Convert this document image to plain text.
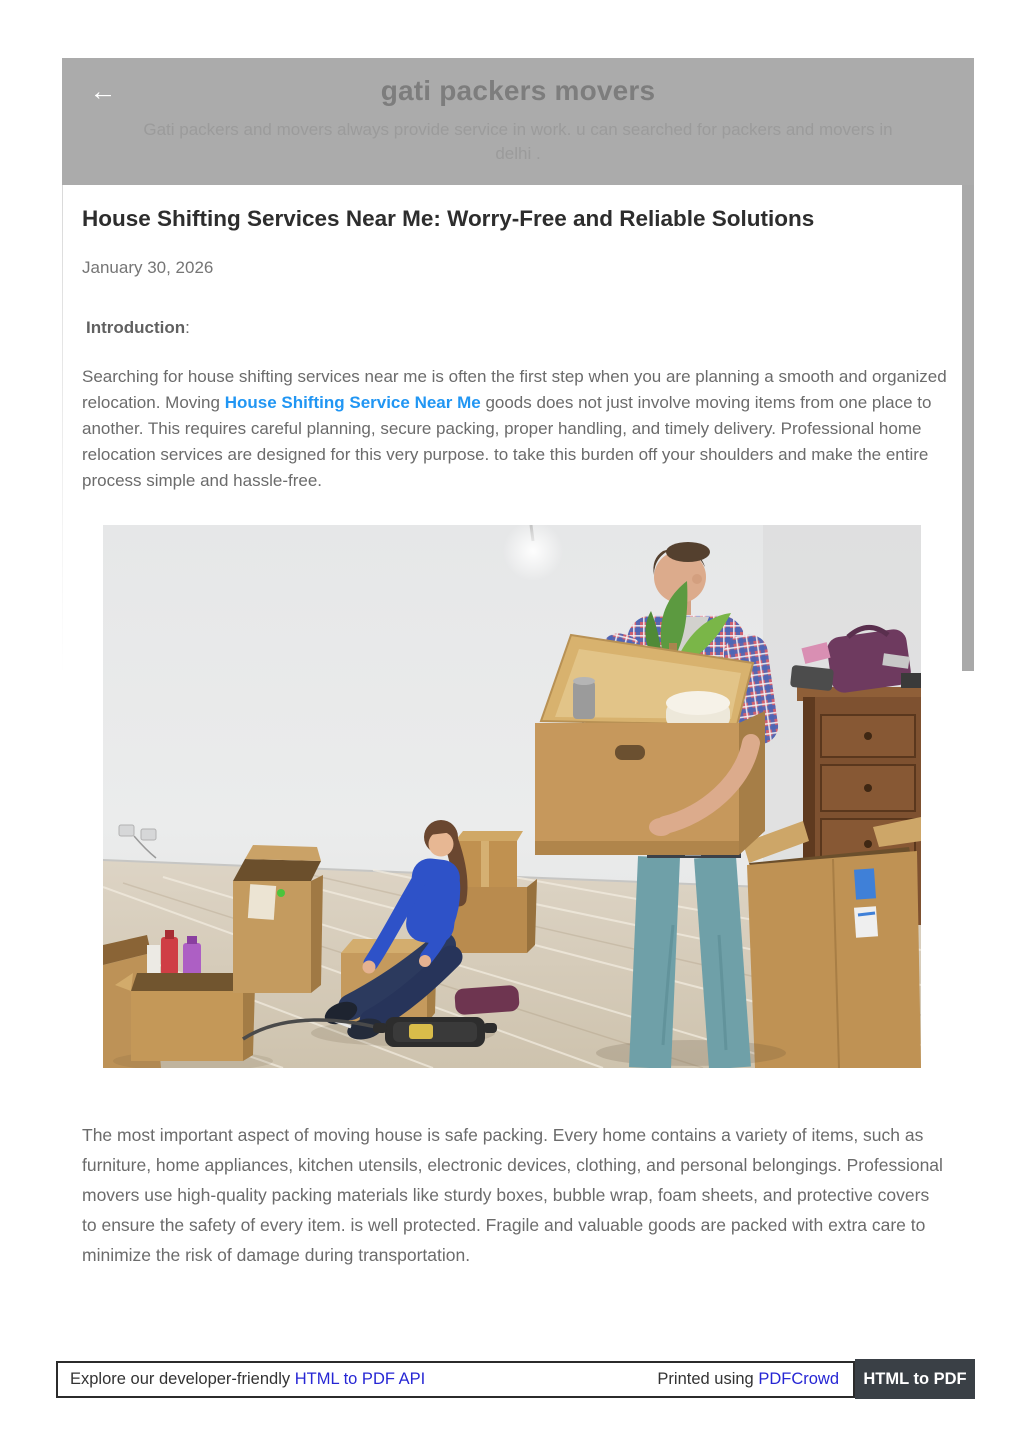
←	gati packers movers
Gati packers and movers always provide service in work. u can searched for packers and movers in delhi .
House Shifting Services Near Me: Worry-Free and Reliable Solutions
January 30, 2026
Introduction:

Searching for house shifting services near me is often the first step when you are planning a smooth and organized relocation. Moving House Shifting Service Near Me goods does not just involve moving items from one place to another. This requires careful planning, secure packing, proper handling, and timely delivery. Professional home relocation services are designed for this very purpose. to take this burden off your shoulders and make the entire process simple and hassle-free.

The most important aspect of moving house is safe packing. Every home contains a variety of items, such as furniture, home appliances, kitchen utensils, electronic devices, clothing, and personal belongings. Professional movers use high-quality packing materials like sturdy boxes, bubble wrap, foam sheets, and protective covers to ensure the safety of every item. is well protected. Fragile and valuable goods are packed with extra care to minimize the risk of damage during transportation.

Explore our developer-friendly HTML to PDF API	Printed using PDFCrowd	HTML to PDF
